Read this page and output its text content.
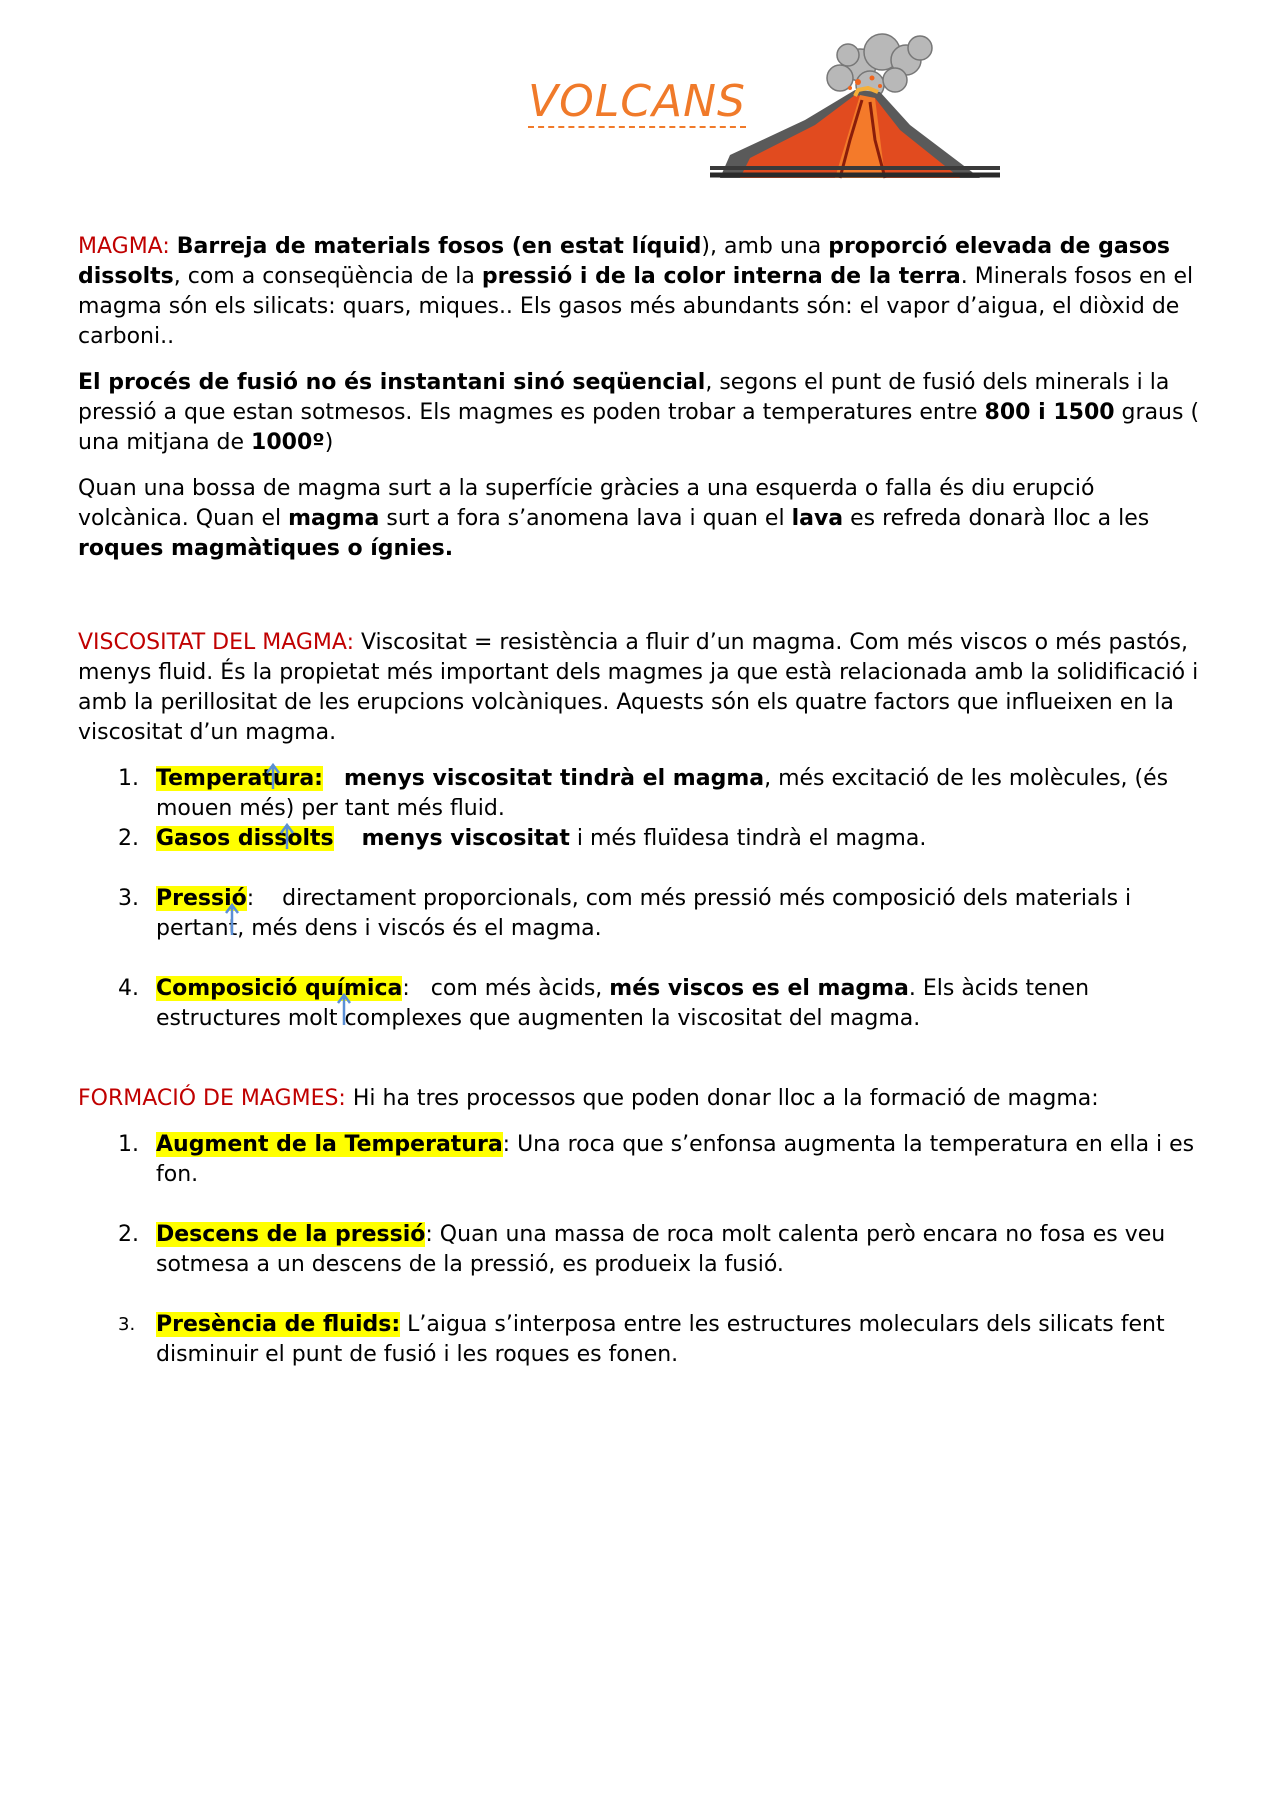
VOLCANS

MAGMA: Barreja de materials fosos (en estat líquid), amb una proporció elevada de gasos dissolts, com a conseqüència de la pressió i de la color interna de la terra. Minerals fosos en el magma són els silicats: quars, miques.. Els gasos més abundants són: el vapor d’aigua, el diòxid de carboni..

El procés de fusió no és instantani sinó seqüencial, segons el punt de fusió dels minerals i la pressió a que estan sotmesos. Els magmes es poden trobar a temperatures entre 800 i 1500 graus ( una mitjana de 1000º)

Quan una bossa de magma surt a la superfície gràcies a una esquerda o falla és diu erupció volcànica. Quan el magma surt a fora s’anomena lava i quan el lava es refreda donarà lloc a les roques magmàtiques o ígnies.

VISCOSITAT DEL MAGMA: Viscositat = resistència a fluir d’un magma. Com més viscos o més pastós, menys fluid. És la propietat més important dels magmes ja que està relacionada amb la solidificació i amb la perillositat de les erupcions volcàniques. Aquests són els quatre factors que influeixen en la viscositat d’un magma.

1. Temperat
ura: menys viscositat tindrà el magma, més excitació de les molècules, (és mouen més) per tant més fluid.
2. Gasos diss
olts menys viscositat i més fluïdesa tindrà el magma.
3. Pressi
ó: directament proporcionals, com més pressió més composició dels materials i pertant, més dens i viscós és el magma.
4. Composició quí
mica: com més àcids, més viscos es el magma. Els àcids tenen estructures molt complexes que augmenten la viscositat del magma.

FORMACIÓ DE MAGMES: Hi ha tres processos que poden donar lloc a la formació de magma:

1. Augment de la Temperatura: Una roca que s’enfonsa augmenta la temperatura en ella i es fon.
2. Descens de la pressió: Quan una massa de roca molt calenta però encara no fosa es veu sotmesa a un descens de la pressió, es produeix la fusió.
3. Presència de fluids: L’aigua s’interposa entre les estructures moleculars dels silicats fent disminuir el punt de fusió i les roques es fonen.
